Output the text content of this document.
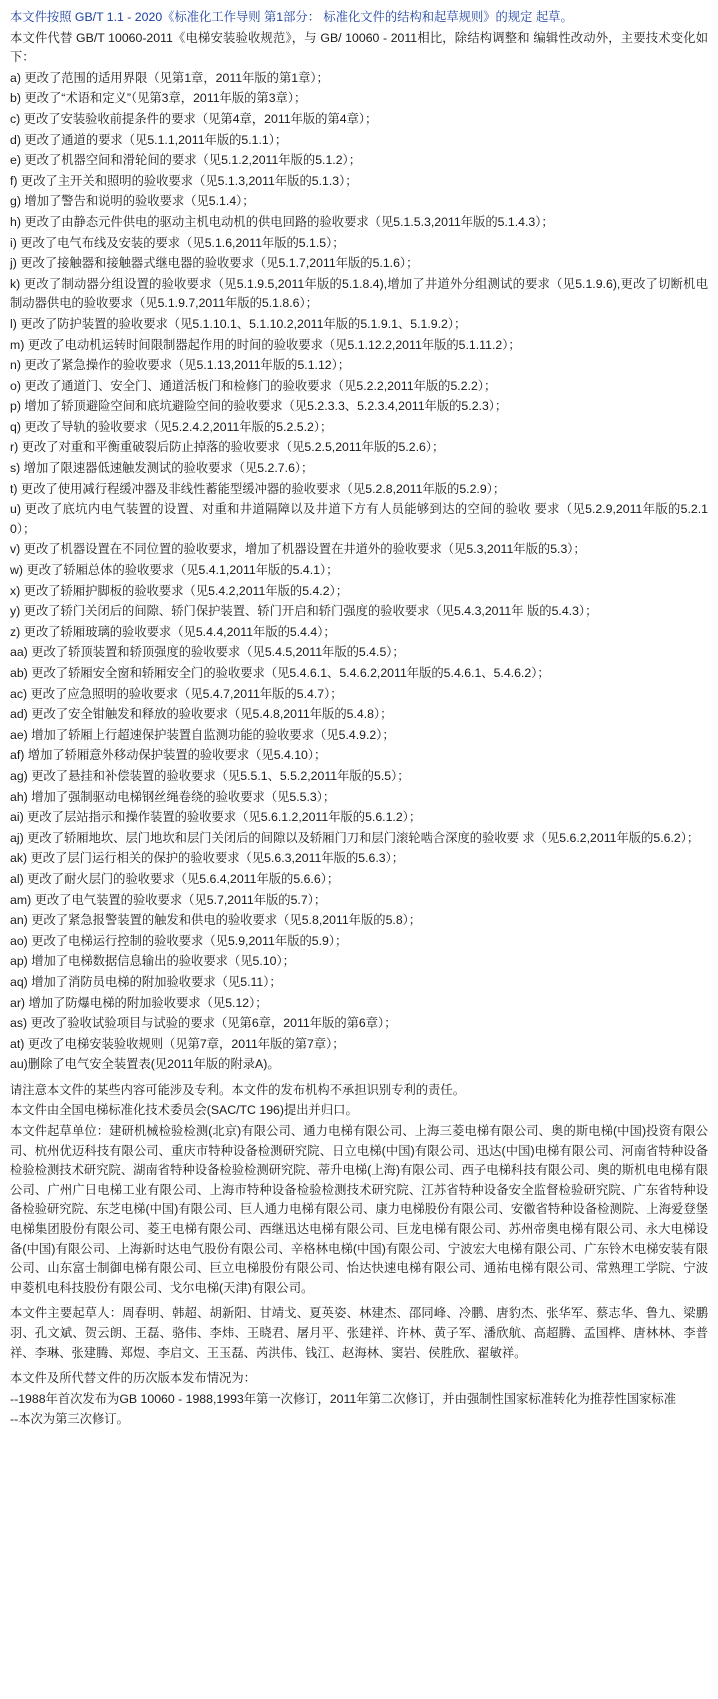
本文件按照 GB/T 1.1 - 2020《标准化工作导则 第1部分： 标准化文件的结构和起草规则》的规定 起草。

本文件代替 GB/T 10060-2011《电梯安装验收规范》，与 GB/ 10060 - 2011相比，除结构调整和 编辑性改动外，主要技术变化如下：

a) 更改了范围的适用界限（见第1章，2011年版的第1章）；

b) 更改了“术语和定义”（见第3章，2011年版的第3章）；

c) 更改了安装验收前提条件的要求（见第4章，2011年版的第4章）；

d) 更改了通道的要求（见5.1.1,2011年版的5.1.1）；

e) 更改了机器空间和滑轮间的要求（见5.1.2,2011年版的5.1.2）；

f) 更改了主开关和照明的验收要求（见5.1.3,2011年版的5.1.3）；

g) 增加了警告和说明的验收要求（见5.1.4）；

h) 更改了由静态元件供电的驱动主机电动机的供电回路的验收要求（见5.1.5.3,2011年版的5.1.4.3）；

i) 更改了电气布线及安装的要求（见5.1.6,2011年版的5.1.5）；

j) 更改了接触器和接触器式继电器的验收要求（见5.1.7,2011年版的5.1.6）；

k) 更改了制动器分组设置的验收要求（见5.1.9.5,2011年版的5.1.8.4),增加了井道外分组测试的要求（见5.1.9.6),更改了切断机电制动器供电的验收要求（见5.1.9.7,2011年版的5.1.8.6）；

l) 更改了防护装置的验收要求（见5.1.10.1、5.1.10.2,2011年版的5.1.9.1、5.1.9.2）；

m) 更改了电动机运转时间限制器起作用的时间的验收要求（见5.1.12.2,2011年版的5.1.11.2）；

n) 更改了紧急操作的验收要求（见5.1.13,2011年版的5.1.12）；

o) 更改了通道门、安全门、通道活板门和检修门的验收要求（见5.2.2,2011年版的5.2.2）；

p) 增加了轿顶避险空间和底坑避险空间的验收要求（见5.2.3.3、5.2.3.4,2011年版的5.2.3）；

q) 更改了导轨的验收要求（见5.2.4.2,2011年版的5.2.5.2）；

r) 更改了对重和平衡重破裂后防止掉落的验收要求（见5.2.5,2011年版的5.2.6）；

s) 增加了限速器低速触发测试的验收要求（见5.2.7.6）；

t) 更改了使用减行程缓冲器及非线性蓄能型缓冲器的验收要求（见5.2.8,2011年版的5.2.9）；

u) 更改了底坑内电气装置的设置、对重和井道隔障以及井道下方有人员能够到达的空间的验收 要求（见5.2.9,2011年版的5.2.10）；

v) 更改了机器设置在不同位置的验收要求，增加了机器设置在井道外的验收要求（见5.3,2011年版的5.3）；

w) 更改了轿厢总体的验收要求（见5.4.1,2011年版的5.4.1）；

x) 更改了轿厢护脚板的验收要求（见5.4.2,2011年版的5.4.2）；

y) 更改了轿门关闭后的间隙、轿门保护装置、轿门开启和轿门强度的验收要求（见5.4.3,2011年 版的5.4.3）；

z) 更改了轿厢玻璃的验收要求（见5.4.4,2011年版的5.4.4）；

aa) 更改了轿顶装置和轿顶强度的验收要求（见5.4.5,2011年版的5.4.5）；

ab) 更改了轿厢安全窗和轿厢安全门的验收要求（见5.4.6.1、5.4.6.2,2011年版的5.4.6.1、5.4.6.2）；

ac) 更改了应急照明的验收要求（见5.4.7,2011年版的5.4.7）；

ad) 更改了安全钳触发和释放的验收要求（见5.4.8,2011年版的5.4.8）；

ae) 增加了轿厢上行超速保护装置自监测功能的验收要求（见5.4.9.2）；

af) 增加了轿厢意外移动保护装置的验收要求（见5.4.10）；

ag) 更改了悬挂和补偿装置的验收要求（见5.5.1、5.5.2,2011年版的5.5）；

ah) 增加了强制驱动电梯钢丝绳卷绕的验收要求（见5.5.3）；

ai) 更改了层站指示和操作装置的验收要求（见5.6.1.2,2011年版的5.6.1.2）；

aj) 更改了轿厢地坎、层门地坎和层门关闭后的间隙以及轿厢门刀和层门滚轮啮合深度的验收要 求（见5.6.2,2011年版的5.6.2）；

ak) 更改了层门运行相关的保护的验收要求（见5.6.3,2011年版的5.6.3）；

al) 更改了耐火层门的验收要求（见5.6.4,2011年版的5.6.6）；

am) 更改了电气装置的验收要求（见5.7,2011年版的5.7）；

an) 更改了紧急报警装置的触发和供电的验收要求（见5.8,2011年版的5.8）；

ao) 更改了电梯运行控制的验收要求（见5.9,2011年版的5.9）；

ap) 增加了电梯数据信息输出的验收要求（见5.10）；

aq) 增加了消防员电梯的附加验收要求（见5.11）；

ar) 增加了防爆电梯的附加验收要求（见5.12）；

as) 更改了验收试验项目与试验的要求（见第6章，2011年版的第6章）；

at) 更改了电梯安装验收规则（见第7章，2011年版的第7章）；

au)删除了电气安全装置表(见2011年版的附录A)。

请注意本文件的某些内容可能涉及专利。本文件的发布机构不承担识别专利的责任。

本文件由全国电梯标准化技术委员会(SAC/TC 196)提出并归口。

本文件起草单位：建研机械检验检测(北京)有限公司、通力电梯有限公司、上海三菱电梯有限公司、奥的斯电梯(中国)投资有限公司、杭州优迈科技有限公司、重庆市特种设备检测研究院、日立电梯(中国)有限公司、迅达(中国)电梯有限公司、河南省特种设备检验检测技术研究院、湖南省特种设备检验检测研究院、蒂升电梯(上海)有限公司、西子电梯科技有限公司、奥的斯机电电梯有限公司、广州广日电梯工业有限公司、上海市特种设备检验检测技术研究院、江苏省特种设备安全监督检验研究院、广东省特种设备检验研究院、东芝电梯(中国)有限公司、巨人通力电梯有限公司、康力电梯股份有限公司、安徽省特种设备检测院、上海爱登堡电梯集团股份有限公司、菱王电梯有限公司、西继迅达电梯有限公司、巨龙电梯有限公司、苏州帝奥电梯有限公司、永大电梯设备(中国)有限公司、上海新时达电气股份有限公司、辛格林电梯(中国)有限公司、宁波宏大电梯有限公司、广东铃木电梯安装有限公司、山东富士制御电梯有限公司、巨立电梯股份有限公司、怡达快速电梯有限公司、通祐电梯有限公司、常熟理工学院、宁波申菱机电科技股份有限公司、戈尔电梯(天津)有限公司。

本文件主要起草人：周春明、韩超、胡新阳、甘靖戈、夏英姿、林建杰、邵同峰、冷鹏、唐豹杰、张华军、蔡志华、鲁九、梁鹏羽、孔文斌、贺云朗、王磊、骆伟、李炜、王晓君、屠月平、张建祥、许林、黄子军、潘欣航、高超腾、孟国桦、唐林林、李普祥、李琳、张建腾、郑煜、李启文、王玉磊、芮洪伟、钱江、赵海林、窦岩、侯胜欣、翟敏祥。

本文件及所代替文件的历次版本发布情况为：

--1988年首次发布为GB 10060 - 1988,1993年第一次修订，2011年第二次修订，并由强制性国家标准转化为推荐性国家标准

--本次为第三次修订。
